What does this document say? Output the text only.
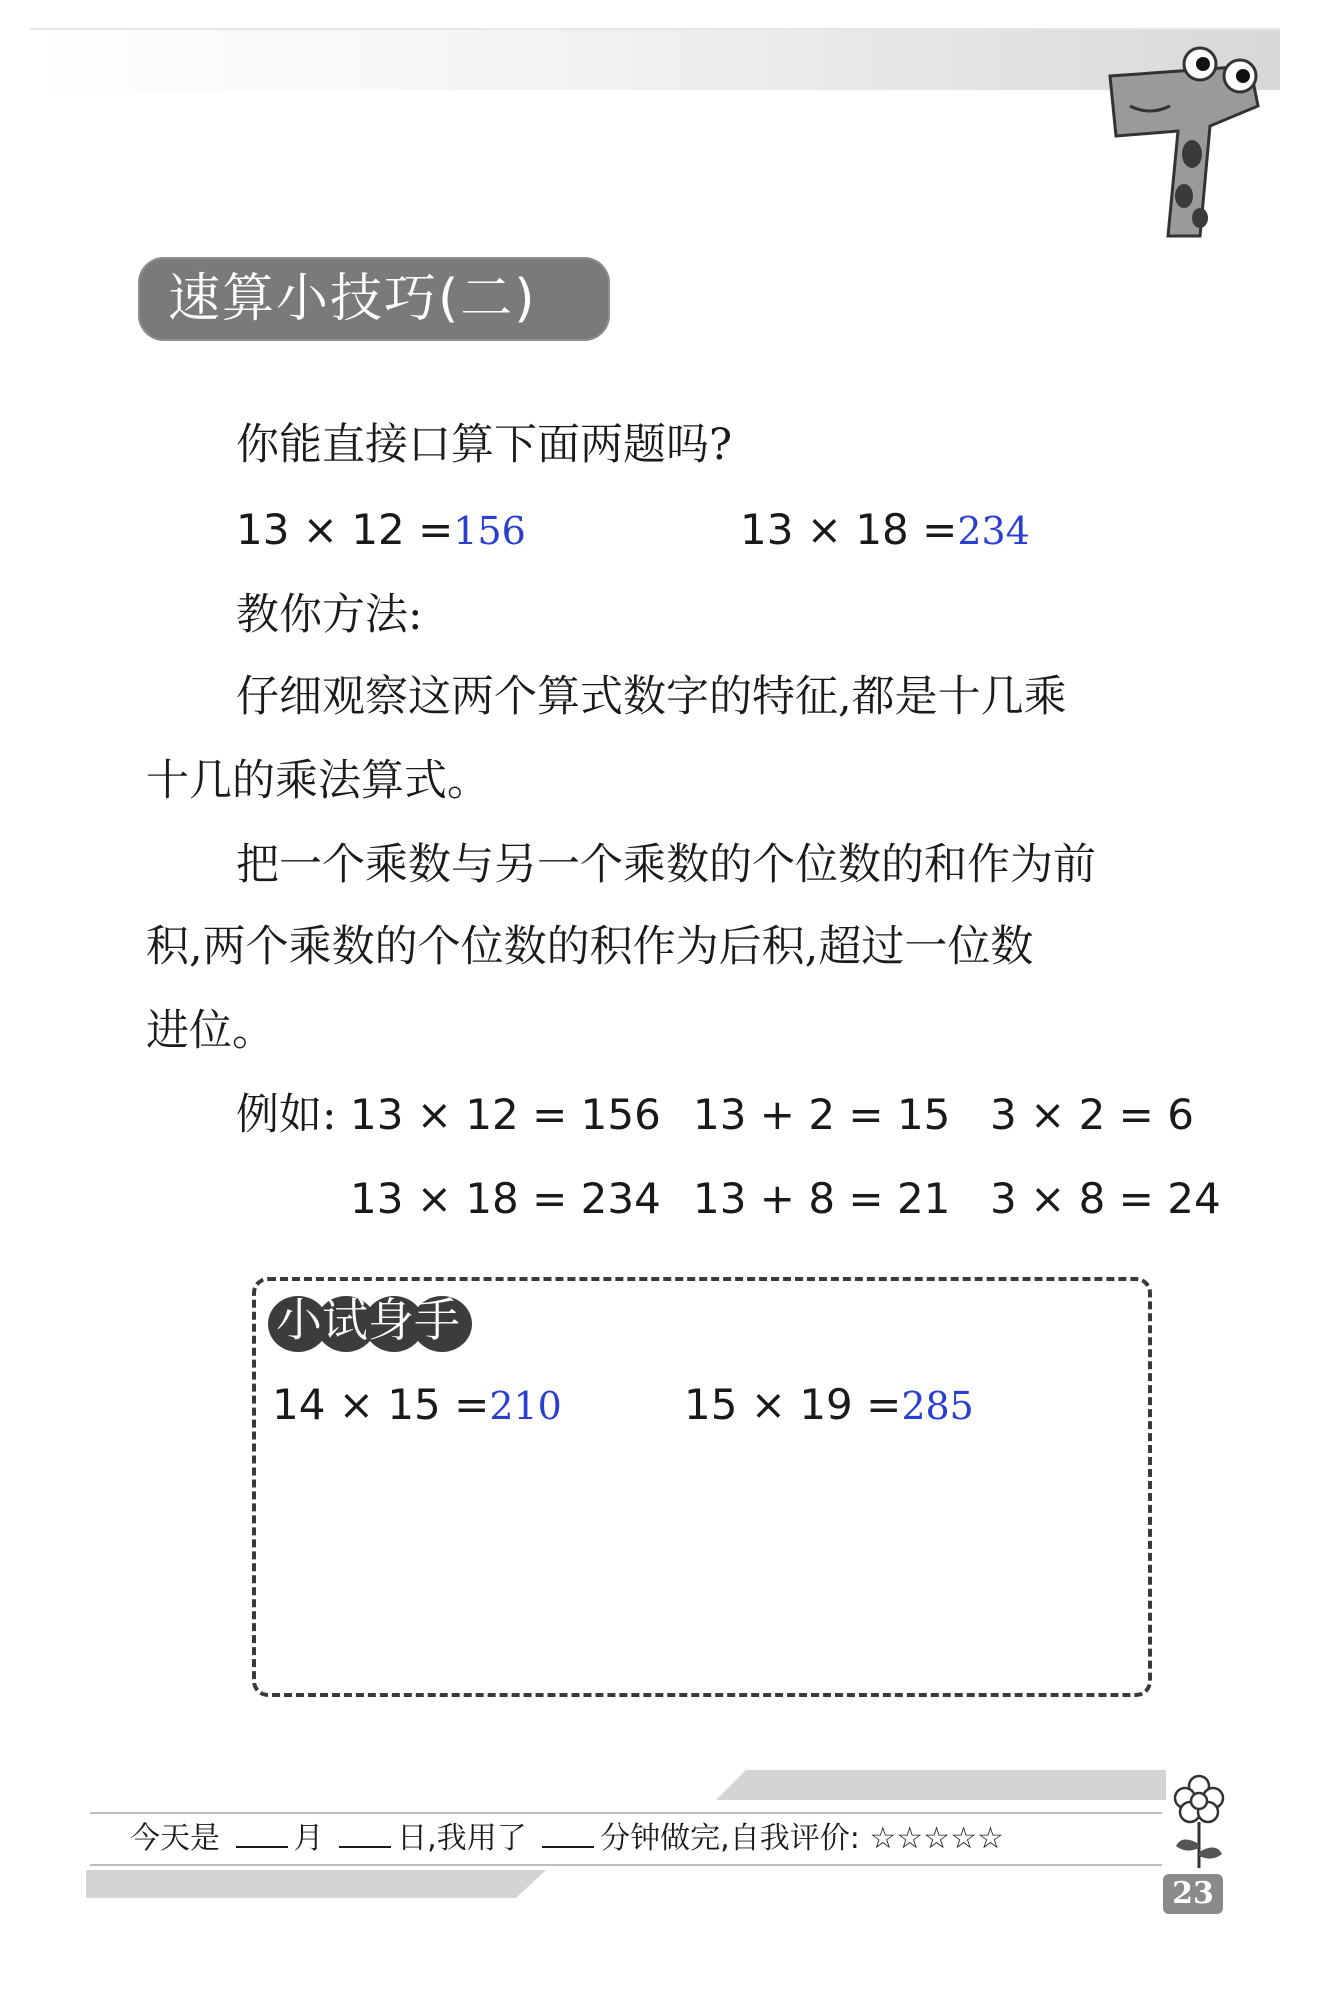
速算小技巧(二)
你能直接口算下面两题吗?
13 × 12 =156	13 × 18 =234
教你方法:
仔细观察这两个算式数字的特征,都是十几乘
十几的乘法算式。
把一个乘数与另一个乘数的个位数的和作为前
积,两个乘数的个位数的积作为后积,超过一位数
进位。
例如: 13 × 12 = 156 13 + 2 = 15 3 × 2 = 6
13 × 18 = 234 13 + 8 = 21 3 × 8 = 24
小试身手
14 × 15 =210	15 × 19 =285
今天是 月 日,我用了 分钟做完,自我评价: ☆☆☆☆☆
23
